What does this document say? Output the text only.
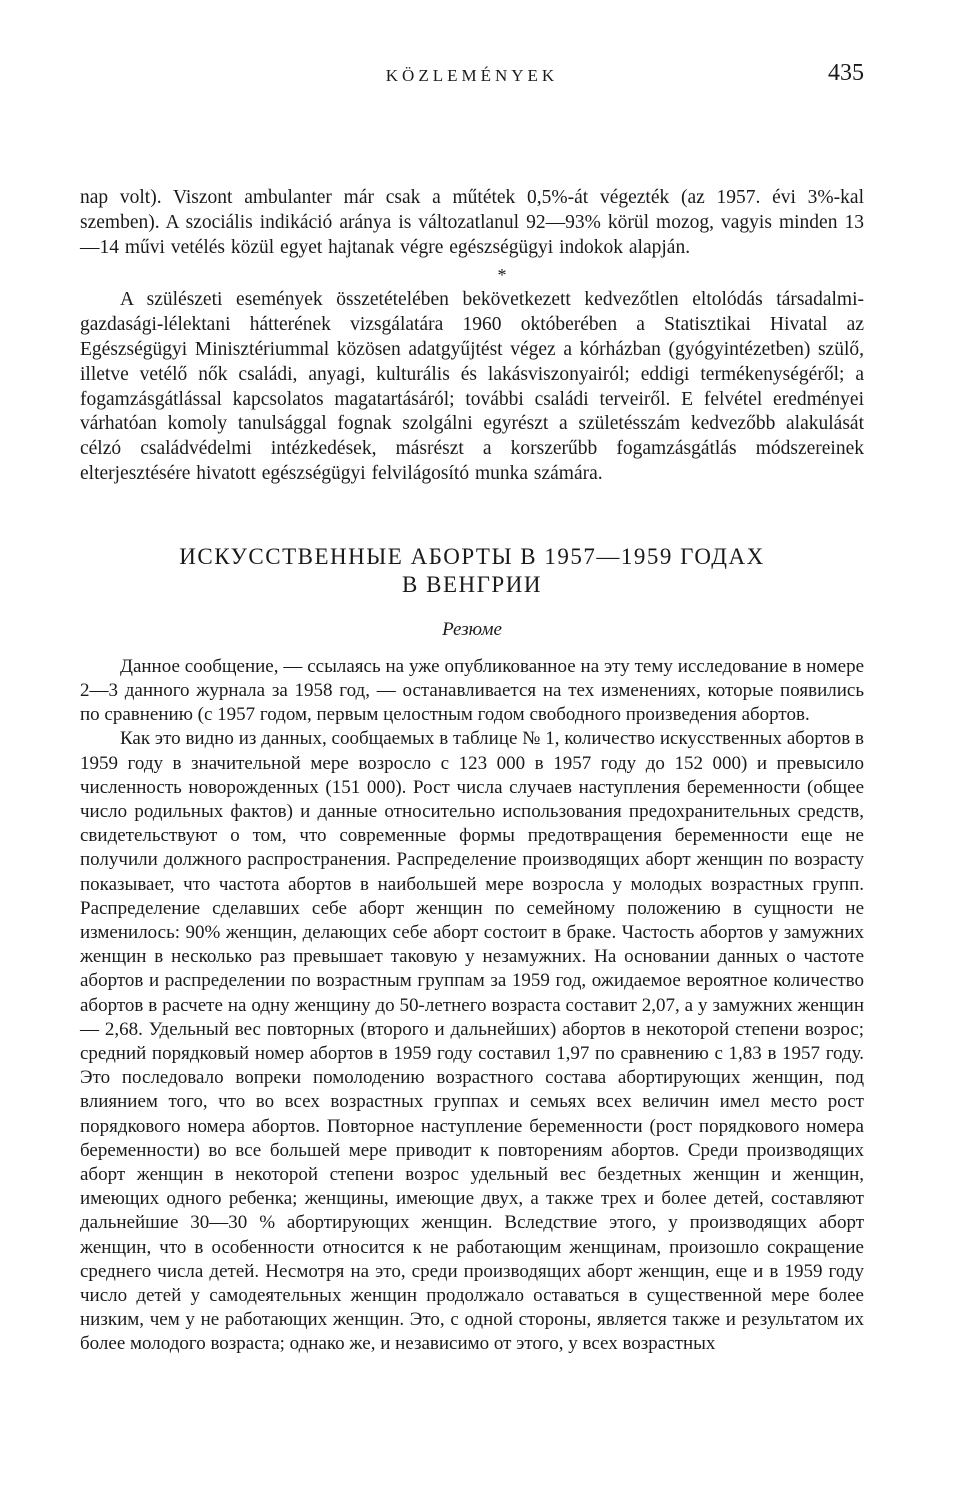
KÖZLEMÉNYEK	435

nap volt). Viszont ambulanter már csak a műtétek 0,5%-át végezték (az 1957. évi 3%-kal szemben). A szociális indikáció aránya is változatlanul 92—93% körül mozog, vagyis minden 13—14 művi vetélés közül egyet hajtanak végre egészségügyi indokok alapján.

*

A szülészeti események összetételében bekövetkezett kedvezőtlen eltolódás társadalmi-gazdasági-lélektani hátterének vizsgálatára 1960 októberében a Statisztikai Hivatal az Egészségügyi Minisztériummal közösen adatgyűjtést végez a kórházban (gyógyintézetben) szülő, illetve vetélő nők családi, anyagi, kulturális és lakásviszonyairól; eddigi termékenységéről; a fogamzásgátlással kapcsolatos magatartásáról; további családi terveiről. E felvétel eredményei várhatóan komoly tanulsággal fognak szolgálni egyrészt a születésszám kedvezőbb alakulását célzó családvédelmi intézkedések, másrészt a korszerűbb fogamzásgátlás módszereinek elterjesztésére hivatott egészségügyi felvilágosító munka számára.

ИСКУССТВЕННЫЕ АБОРТЫ В 1957—1959 ГОДАХ
В ВЕНГРИИ
Резюме

Данное сообщение, — ссылаясь на уже опубликованное на эту тему исследование в номере 2—3 данного журнала за 1958 год, — останавливается на тех изменениях, которые появились по сравнению (с 1957 годом, первым целостным годом свободного произведения абортов.

Как это видно из данных, сообщаемых в таблице № 1, количество искусственных абортов в 1959 году в значительной мере возросло с 123 000 в 1957 году до 152 000) и превысило численность новорожденных (151 000). Рост числа случаев наступления беременности (общее число родильных фактов) и данные относительно использования предохранительных средств, свидетельствуют о том, что современные формы предотвращения беременности еще не получили должного распространения. Распределение производящих аборт женщин по возрасту показывает, что частота абортов в наибольшей мере возросла у молодых возрастных групп. Распределение сделавших себе аборт женщин по семейному положению в сущности не изменилось: 90% женщин, делающих себе аборт состоит в браке. Частость абортов у замужних женщин в несколько раз превышает таковую у незамужних. На основании данных о частоте абортов и распределении по возрастным группам за 1959 год, ожидаемое вероятное количество абортов в расчете на одну женщину до 50-летнего возраста составит 2,07, а у замужних женщин — 2,68. Удельный вес повторных (второго и дальнейших) абортов в некоторой степени возрос; средний порядковый номер абортов в 1959 году составил 1,97 по сравнению с 1,83 в 1957 году. Это последовало вопреки помолодению возрастного состава абортирующих женщин, под влиянием того, что во всех возрастных группах и семьях всех величин имел место рост порядкового номера абортов. Повторное наступление беременности (рост порядкового номера беременности) во все большей мере приводит к повторениям абортов. Среди производящих аборт женщин в некоторой степени возрос удельный вес бездетных женщин и женщин, имеющих одного ребенка; женщины, имеющие двух, а также трех и более детей, составляют дальнейшие 30—30 % абортирующих женщин. Вследствие этого, у производящих аборт женщин, что в особенности относится к не работающим женщинам, произошло сокращение среднего числа детей. Несмотря на это, среди производящих аборт женщин, еще и в 1959 году число детей у самодеятельных женщин продолжало оставаться в существенной мере более низким, чем у не работающих женщин. Это, с одной стороны, является также и результатом их более молодого возраста; однако же, и независимо от этого, у всех возрастных
